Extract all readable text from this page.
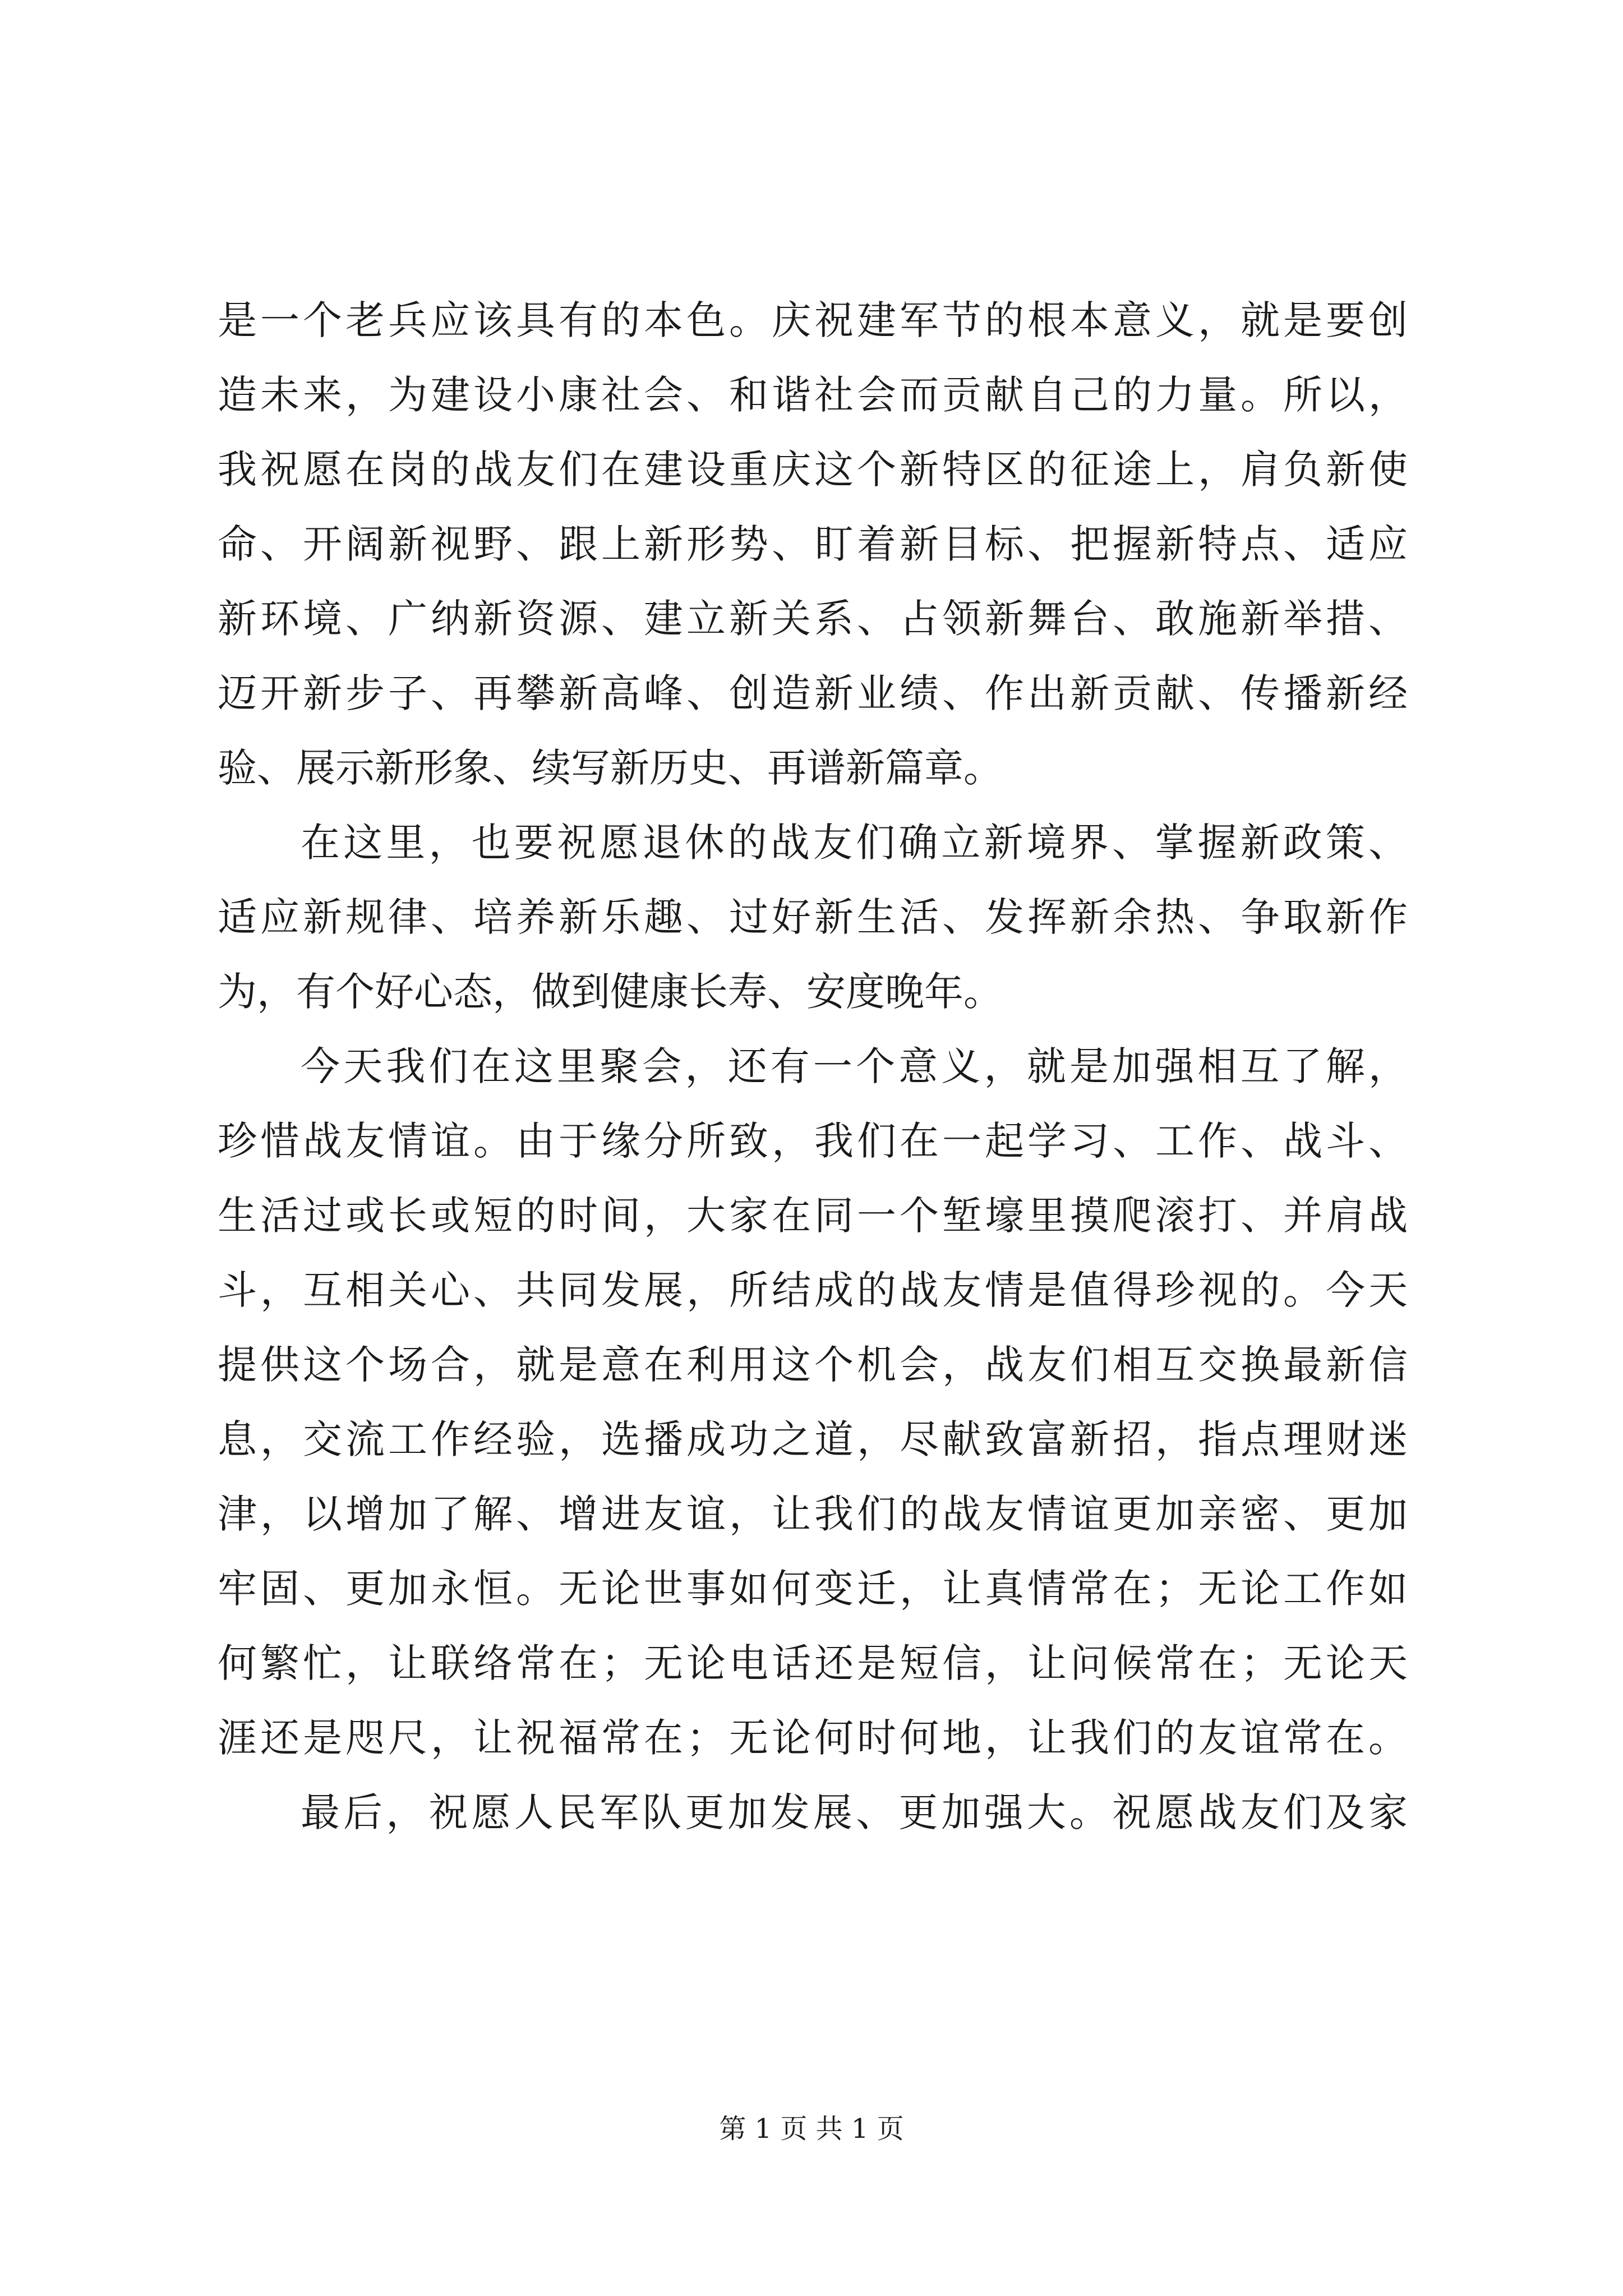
是一个老兵应该具有的本色。庆祝建军节的根本意义，就是要创
造未来，为建设小康社会、和谐社会而贡献自己的力量。所以，
我祝愿在岗的战友们在建设重庆这个新特区的征途上，肩负新使
命、开阔新视野、跟上新形势、盯着新目标、把握新特点、适应
新环境、广纳新资源、建立新关系、占领新舞台、敢施新举措、
迈开新步子、再攀新高峰、创造新业绩、作出新贡献、传播新经
验、展示新形象、续写新历史、再谱新篇章。
在这里，也要祝愿退休的战友们确立新境界、掌握新政策、
适应新规律、培养新乐趣、过好新生活、发挥新余热、争取新作
为，有个好心态，做到健康长寿、安度晚年。
今天我们在这里聚会，还有一个意义，就是加强相互了解，
珍惜战友情谊。由于缘分所致，我们在一起学习、工作、战斗、
生活过或长或短的时间，大家在同一个堑壕里摸爬滚打、并肩战
斗，互相关心、共同发展，所结成的战友情是值得珍视的。今天
提供这个场合，就是意在利用这个机会，战友们相互交换最新信
息，交流工作经验，选播成功之道，尽献致富新招，指点理财迷
津，以增加了解、增进友谊，让我们的战友情谊更加亲密、更加
牢固、更加永恒。无论世事如何变迁，让真情常在；无论工作如
何繁忙，让联络常在；无论电话还是短信，让问候常在；无论天
涯还是咫尺，让祝福常在；无论何时何地，让我们的友谊常在。
最后，祝愿人民军队更加发展、更加强大。祝愿战友们及家
第 1 页 共 1 页
